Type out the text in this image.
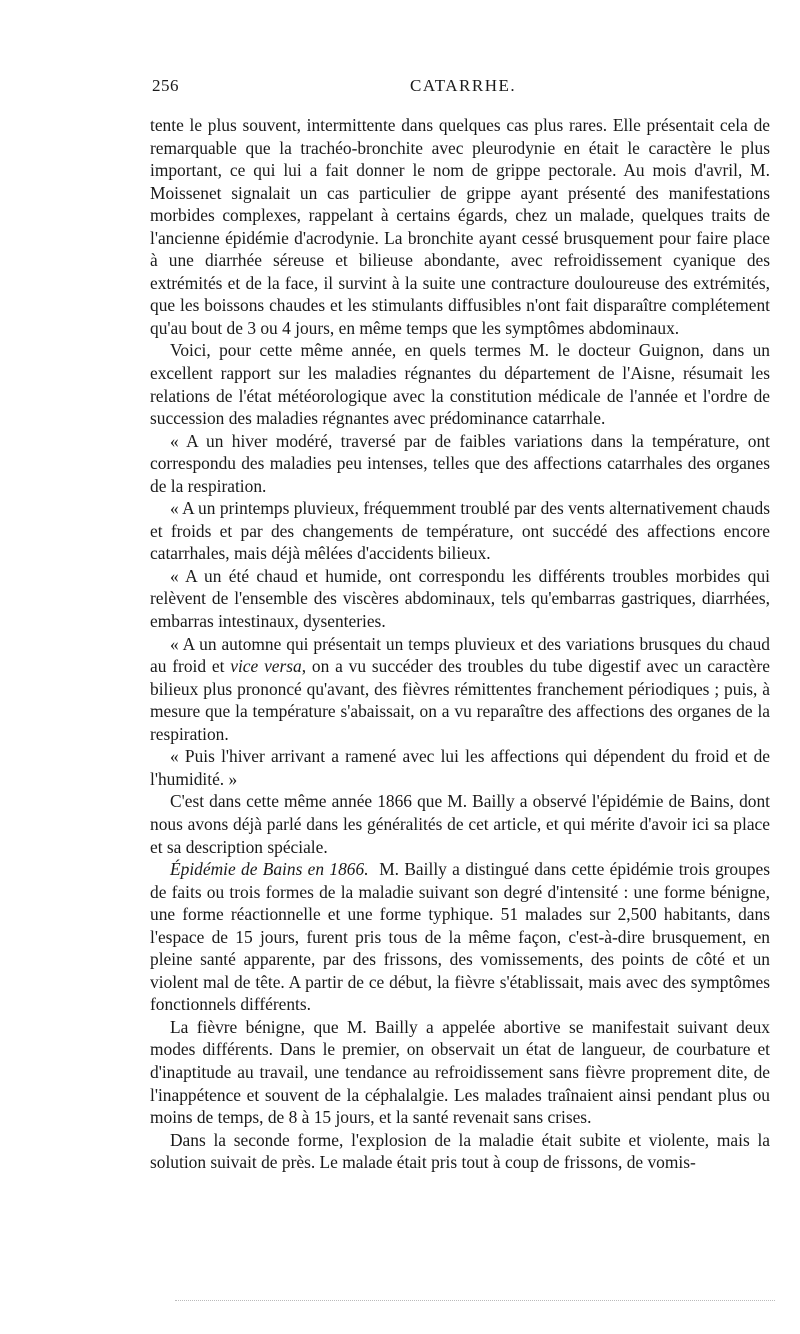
256	CATARRHE.

tente le plus souvent, intermittente dans quelques cas plus rares. Elle présentait cela de remarquable que la trachéo-bronchite avec pleurodynie en était le caractère le plus important, ce qui lui a fait donner le nom de grippe pectorale. Au mois d'avril, M. Moissenet signalait un cas particulier de grippe ayant présenté des manifestations morbides complexes, rappelant à certains égards, chez un malade, quelques traits de l'ancienne épidémie d'acrodynie. La bronchite ayant cessé brusquement pour faire place à une diarrhée séreuse et bilieuse abondante, avec refroidissement cyanique des extrémités et de la face, il survint à la suite une contracture douloureuse des extrémités, que les boissons chaudes et les stimulants diffusibles n'ont fait disparaître complétement qu'au bout de 3 ou 4 jours, en même temps que les symptômes abdominaux.

Voici, pour cette même année, en quels termes M. le docteur Guignon, dans un excellent rapport sur les maladies régnantes du département de l'Aisne, résumait les relations de l'état météorologique avec la constitution médicale de l'année et l'ordre de succession des maladies régnantes avec prédominance catarrhale.

« A un hiver modéré, traversé par de faibles variations dans la température, ont correspondu des maladies peu intenses, telles que des affections catarrhales des organes de la respiration.

« A un printemps pluvieux, fréquemment troublé par des vents alternativement chauds et froids et par des changements de température, ont succédé des affections encore catarrhales, mais déjà mêlées d'accidents bilieux.

« A un été chaud et humide, ont correspondu les différents troubles morbides qui relèvent de l'ensemble des viscères abdominaux, tels qu'embarras gastriques, diarrhées, embarras intestinaux, dysenteries.

« A un automne qui présentait un temps pluvieux et des variations brusques du chaud au froid et vice versa, on a vu succéder des troubles du tube digestif avec un caractère bilieux plus prononcé qu'avant, des fièvres rémittentes franchement périodiques ; puis, à mesure que la température s'abaissait, on a vu reparaître des affections des organes de la respiration.

« Puis l'hiver arrivant a ramené avec lui les affections qui dépendent du froid et de l'humidité. »

C'est dans cette même année 1866 que M. Bailly a observé l'épidémie de Bains, dont nous avons déjà parlé dans les généralités de cet article, et qui mérite d'avoir ici sa place et sa description spéciale.

Épidémie de Bains en 1866. M. Bailly a distingué dans cette épidémie trois groupes de faits ou trois formes de la maladie suivant son degré d'intensité : une forme bénigne, une forme réactionnelle et une forme typhique. 51 malades sur 2,500 habitants, dans l'espace de 15 jours, furent pris tous de la même façon, c'est-à-dire brusquement, en pleine santé apparente, par des frissons, des vomissements, des points de côté et un violent mal de tête. A partir de ce début, la fièvre s'établissait, mais avec des symptômes fonctionnels différents.

La fièvre bénigne, que M. Bailly a appelée abortive se manifestait suivant deux modes différents. Dans le premier, on observait un état de langueur, de courbature et d'inaptitude au travail, une tendance au refroidissement sans fièvre proprement dite, de l'inappétence et souvent de la céphalalgie. Les malades traînaient ainsi pendant plus ou moins de temps, de 8 à 15 jours, et la santé revenait sans crises.

Dans la seconde forme, l'explosion de la maladie était subite et violente, mais la solution suivait de près. Le malade était pris tout à coup de frissons, de vomis-
